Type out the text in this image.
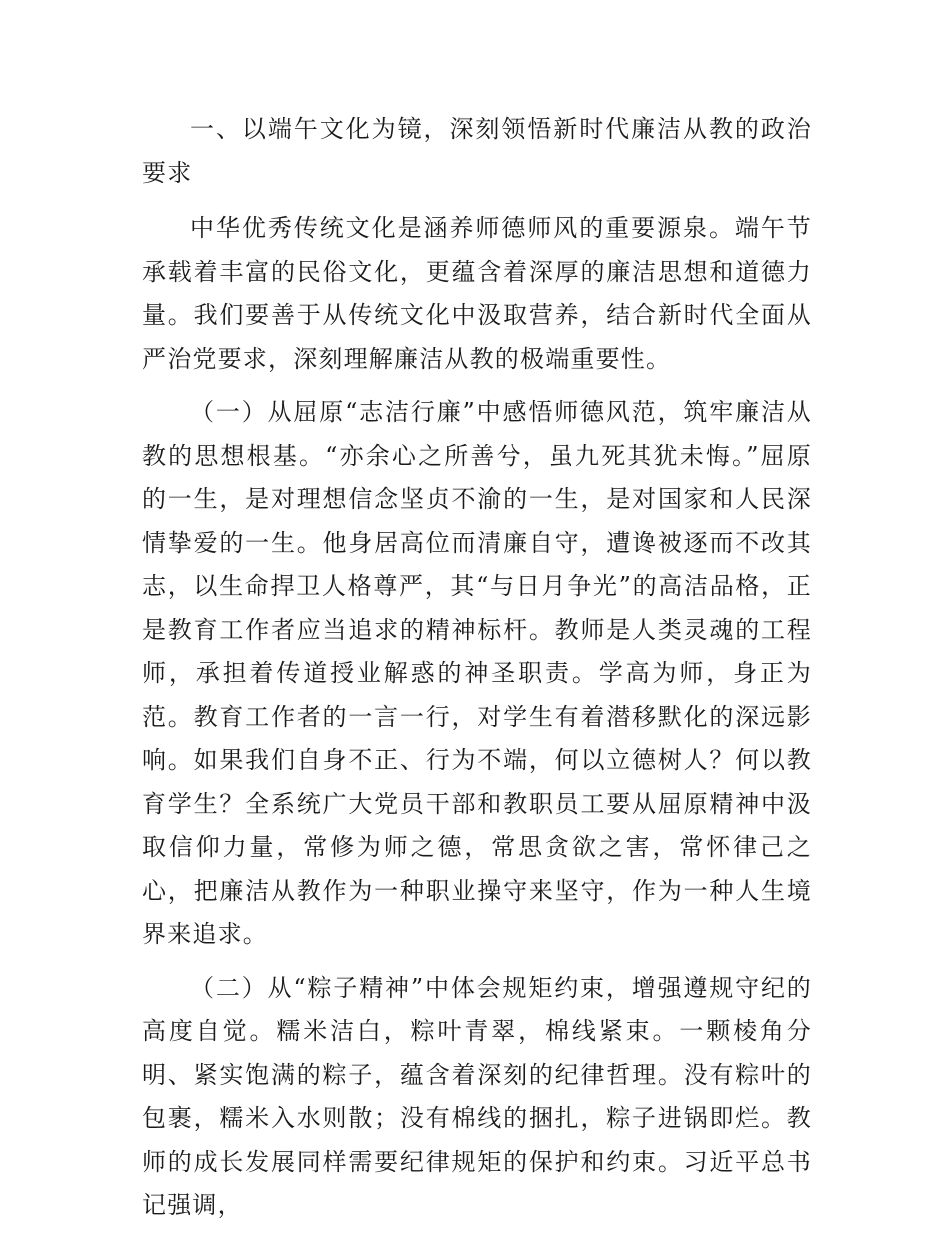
一、以端午文化为镜，深刻领悟新时代廉洁从教的政治要求

中华优秀传统文化是涵养师德师风的重要源泉。端午节承载着丰富的民俗文化，更蕴含着深厚的廉洁思想和道德力量。我们要善于从传统文化中汲取营养，结合新时代全面从严治党要求，深刻理解廉洁从教的极端重要性。

（一）从屈原“志洁行廉”中感悟师德风范，筑牢廉洁从教的思想根基。“亦余心之所善兮，虽九死其犹未悔。”屈原的一生，是对理想信念坚贞不渝的一生，是对国家和人民深情挚爱的一生。他身居高位而清廉自守，遭谗被逐而不改其志，以生命捍卫人格尊严，其“与日月争光”的高洁品格，正是教育工作者应当追求的精神标杆。教师是人类灵魂的工程师，承担着传道授业解惑的神圣职责。学高为师，身正为范。教育工作者的一言一行，对学生有着潜移默化的深远影响。如果我们自身不正、行为不端，何以立德树人？何以教育学生？全系统广大党员干部和教职员工要从屈原精神中汲取信仰力量，常修为师之德，常思贪欲之害，常怀律己之心，把廉洁从教作为一种职业操守来坚守，作为一种人生境界来追求。

（二）从“粽子精神”中体会规矩约束，增强遵规守纪的高度自觉。糯米洁白，粽叶青翠，棉线紧束。一颗棱角分明、紧实饱满的粽子，蕴含着深刻的纪律哲理。没有粽叶的包裹，糯米入水则散；没有棉线的捆扎，粽子进锅即烂。教师的成长发展同样需要纪律规矩的保护和约束。习近平总书记强调，
